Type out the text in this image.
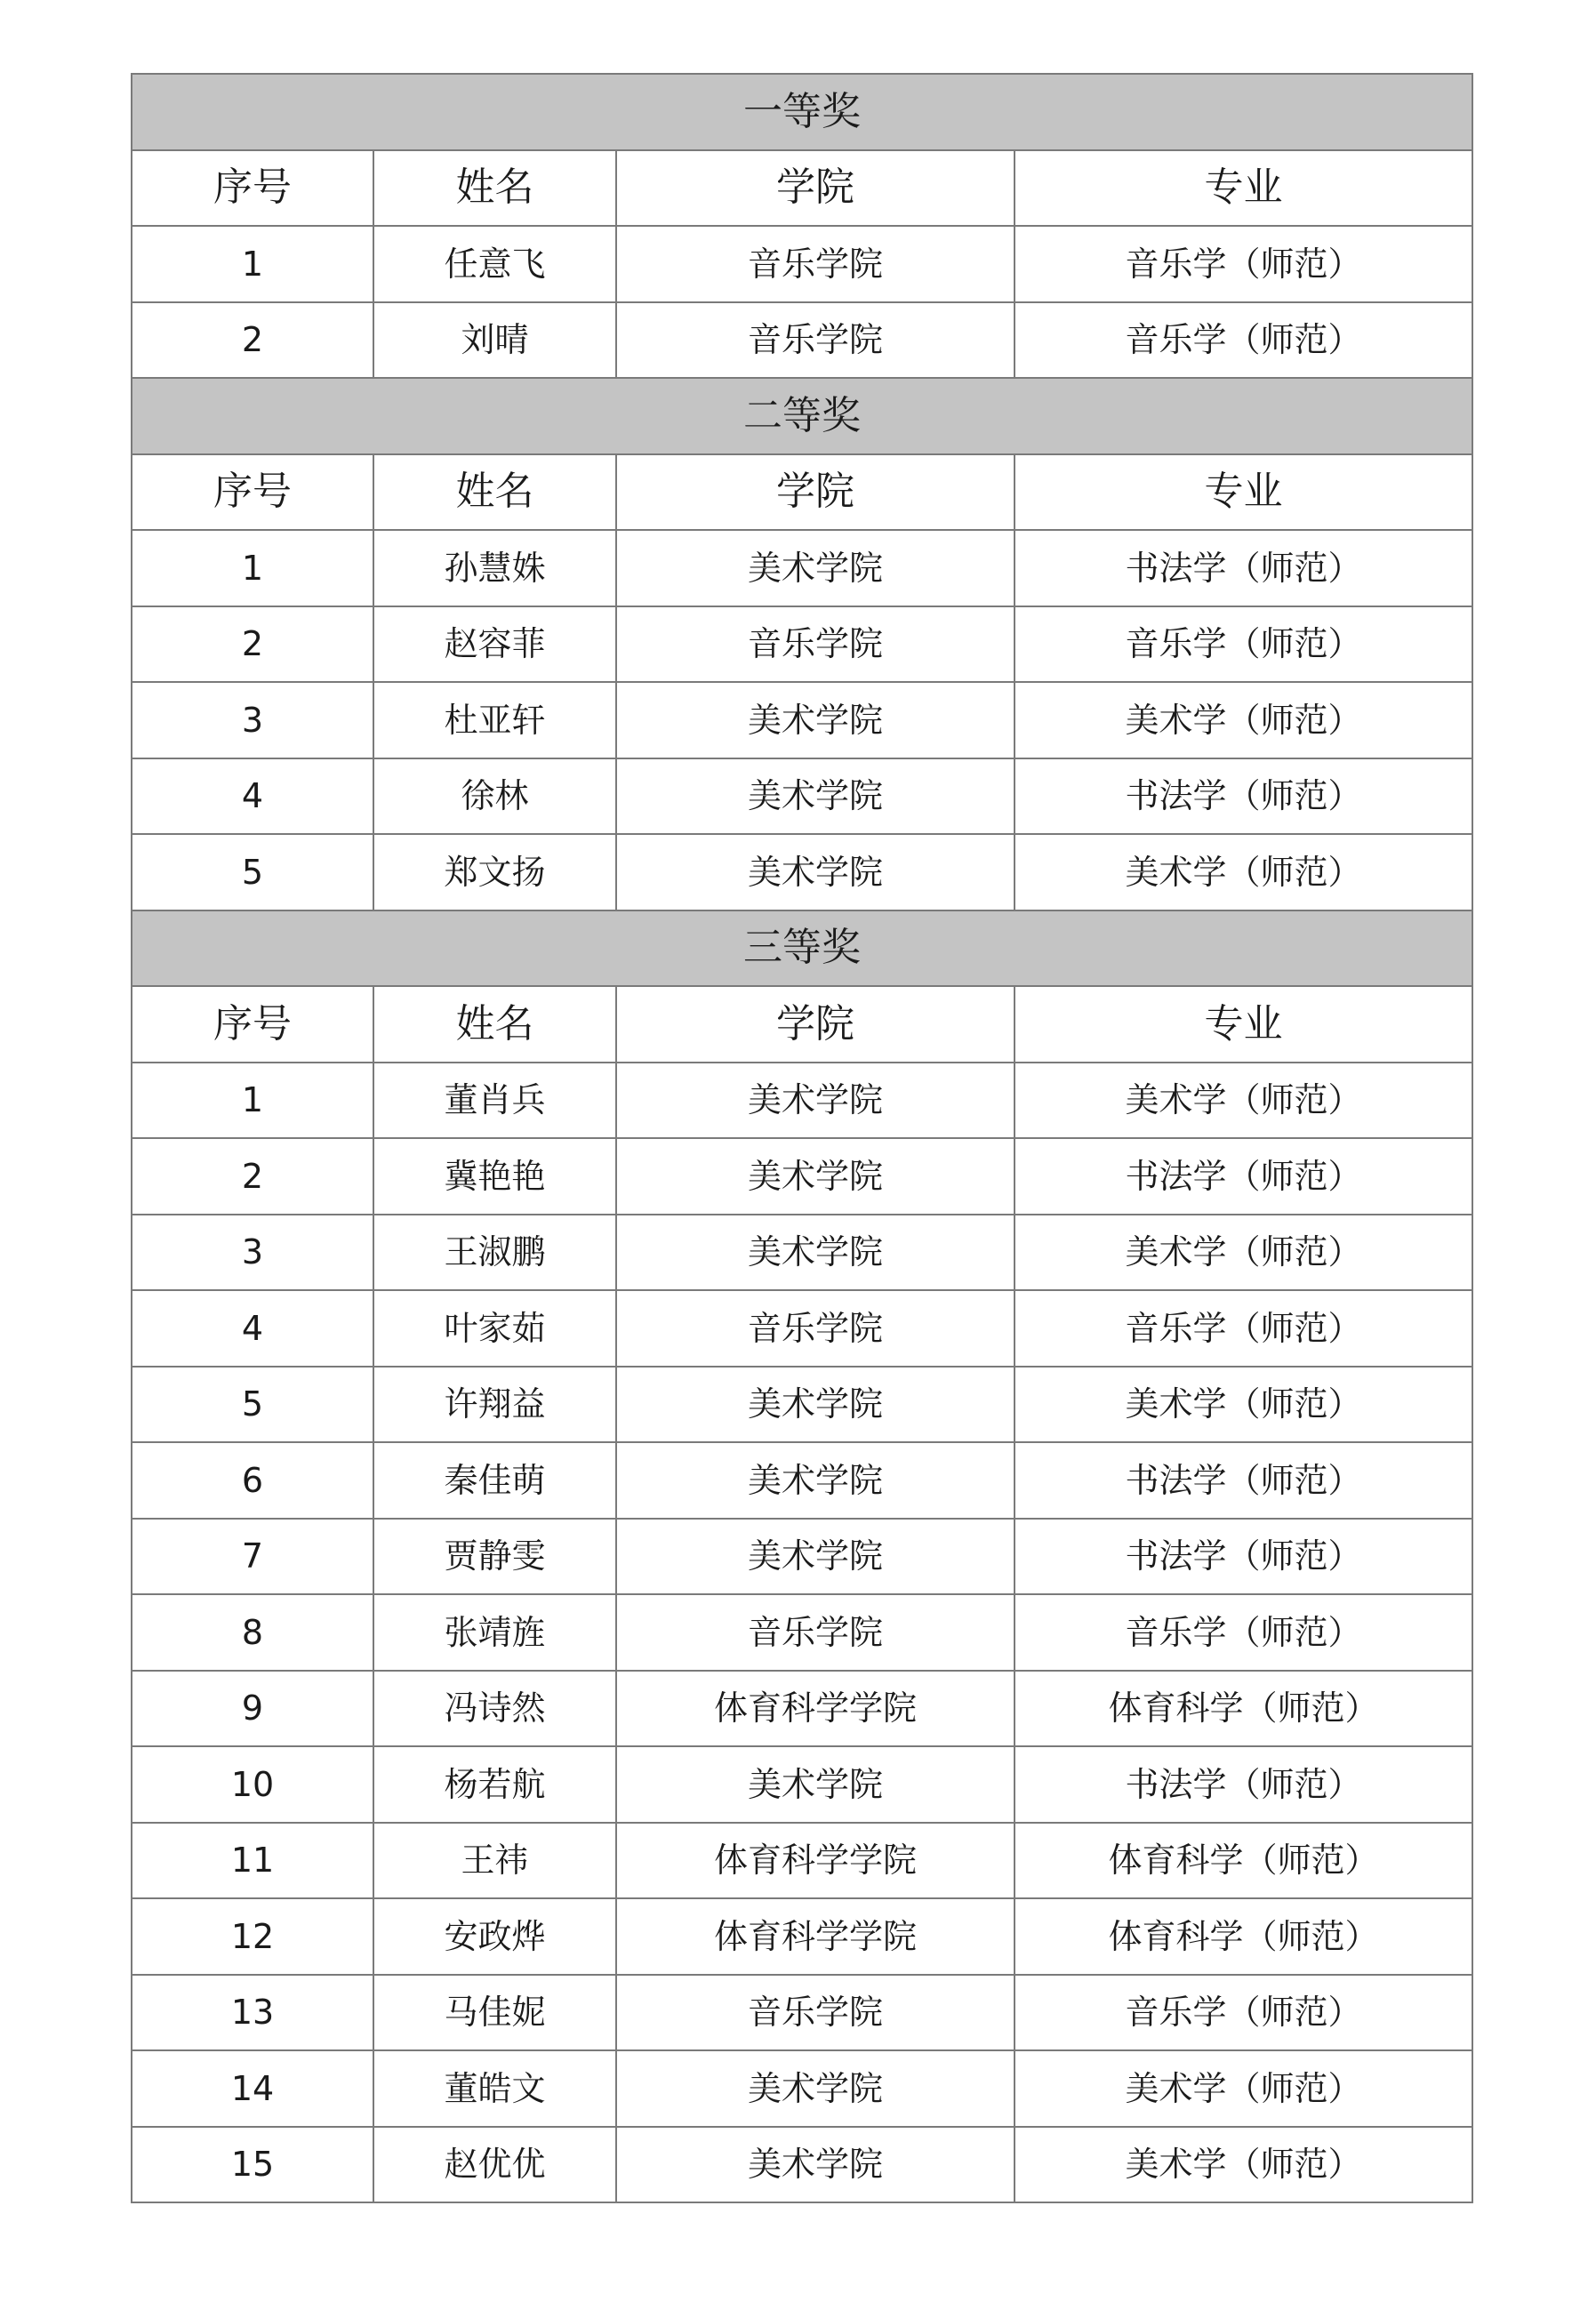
一等奖			
序号	姓名	学院	专业
1	任意飞	音乐学院	音乐学（师范）
2	刘晴	音乐学院	音乐学（师范）
二等奖			
序号	姓名	学院	专业
1	孙慧姝	美术学院	书法学（师范）
2	赵容菲	音乐学院	音乐学（师范）
3	杜亚轩	美术学院	美术学（师范）
4	徐林	美术学院	书法学（师范）
5	郑文扬	美术学院	美术学（师范）
三等奖			
序号	姓名	学院	专业
1	董肖兵	美术学院	美术学（师范）
2	冀艳艳	美术学院	书法学（师范）
3	王淑鹏	美术学院	美术学（师范）
4	叶家茹	音乐学院	音乐学（师范）
5	许翔益	美术学院	美术学（师范）
6	秦佳萌	美术学院	书法学（师范）
7	贾静雯	美术学院	书法学（师范）
8	张靖旌	音乐学院	音乐学（师范）
9	冯诗然	体育科学学院	体育科学（师范）
10	杨若航	美术学院	书法学（师范）
11	王祎	体育科学学院	体育科学（师范）
12	安政烨	体育科学学院	体育科学（师范）
13	马佳妮	音乐学院	音乐学（师范）
14	董皓文	美术学院	美术学（师范）
15	赵优优	美术学院	美术学（师范）
